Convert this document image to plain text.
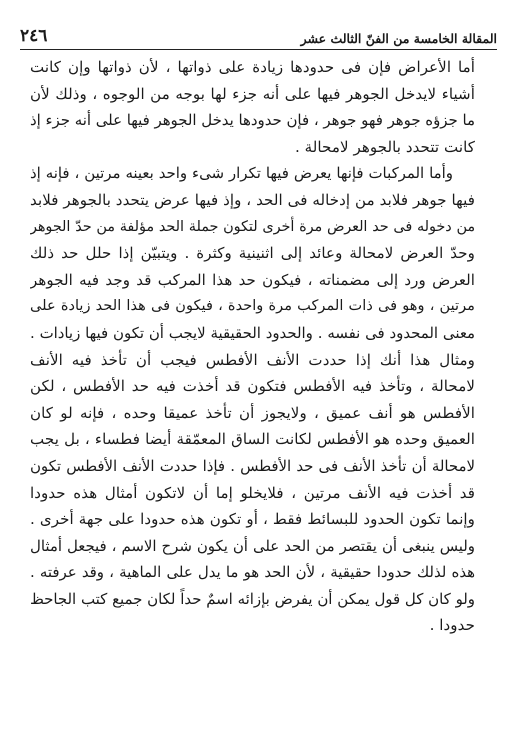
المقالة الخامسة من الفنّ الثالث عشر
٢٤٦
أما الأعراض فإن فى حدودها زيادة على ذواتها ، لأن ذواتها وإن كانت
أشياء لايدخل الجوهر فيها على أنه جزء لها بوجه من الوجوه ، وذلك لأن
ما جزؤه جوهر فهو جوهر ، فإن حدودها يدخل الجوهر فيها على أنه جزء إذ
كانت تتحدد بالجوهر لامحالة .
وأما المركبات فإنها يعرض فيها تكرار شىء واحد بعينه مرتين ، فإنه إذ
فيها جوهر فلابد من إدخاله فى الحد ، وإذ فيها عرض يتحدد بالجوهر فلابد
من دخوله فى حد العرض مرة أخرى لتكون جملة الحد مؤلفة من حدّ الجوهر
وحدّ العرض لامحالة وعائد إلى اثنينية وكثرة . ويتبيّن إذا حلل حد ذلك
العرض ورد إلى مضمناته ، فيكون حد هذا المركب قد وجد فيه الجوهر
مرتين ، وهو فى ذات المركب مرة واحدة ، فيكون فى هذا الحد زيادة على
معنى المحدود فى نفسه . والحدود الحقيقية لايجب أن تكون فيها زيادات .
ومثال هذا أنك إذا حددت الأنف الأفطس فيجب أن تأخذ فيه الأنف
لامحالة ، وتأخذ فيه الأفطس فتكون قد أخذت فيه حد الأفطس ، لكن
الأفطس هو أنف عميق ، ولايجوز أن تأخذ عميقا وحده ، فإنه لو كان
العميق وحده هو الأفطس لكانت الساق المعمّقة أيضا فطساء ، بل يجب
لامحالة أن تأخذ الأنف فى حد الأفطس . فإذا حددت الأنف الأفطس تكون
قد أخذت فيه الأنف مرتين ، فلايخلو إما أن لاتكون أمثال هذه حدودا
وإنما تكون الحدود للبسائط فقط ، أو تكون هذه حدودا على جهة أخرى .
وليس ينبغى أن يقتصر من الحد على أن يكون شرح الاسم ، فيجعل أمثال
هذه لذلك حدودا حقيقية ، لأن الحد هو ما يدل على الماهية ، وقد عرفته .
ولو كان كل قول يمكن أن يفرض بإزائه اسمٌ حداً لكان جميع كتب الجاحظ
حدودا .
